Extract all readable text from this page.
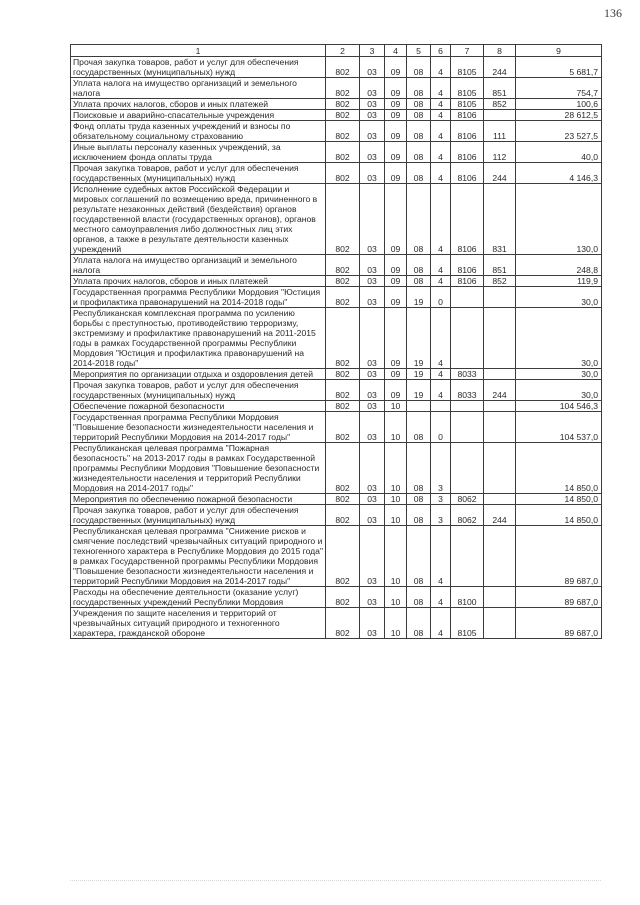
136
1	2	3	4	5	6	7	8	9
Прочая закупка товаров, работ и услуг для обеспечения государственных (муниципальных) нужд	802	03	09	08	4	8105	244	5 681,7
Уплата налога на имущество организаций и земельного налога	802	03	09	08	4	8105	851	754,7
Уплата прочих налогов, сборов и иных платежей	802	03	09	08	4	8105	852	100,6
Поисковые и аварийно-спасательные учреждения	802	03	09	08	4	8106		28 612,5
Фонд оплаты труда казенных учреждений и взносы по обязательному социальному страхованию	802	03	09	08	4	8106	111	23 527,5
Иные выплаты персоналу казенных учреждений, за исключением фонда оплаты труда	802	03	09	08	4	8106	112	40,0
Прочая закупка товаров, работ и услуг для обеспечения государственных (муниципальных) нужд	802	03	09	08	4	8106	244	4 146,3
Исполнение судебных актов Российской Федерации и мировых соглашений по возмещению вреда, причиненного в результате незаконных действий (бездействия) органов государственной власти (государственных органов), органов местного самоуправления либо должностных лиц этих органов, а также в результате деятельности казенных учреждений	802	03	09	08	4	8106	831	130,0
Уплата налога на имущество организаций и земельного налога	802	03	09	08	4	8106	851	248,8
Уплата прочих налогов, сборов и иных платежей	802	03	09	08	4	8106	852	119,9
Государственная программа Республики Мордовия "Юстиция и профилактика правонарушений на 2014-2018 годы"	802	03	09	19	0			30,0
Республиканская комплексная программа по усилению борьбы с преступностью, противодействию терроризму, экстремизму и профилактике правонарушений на 2011-2015 годы в рамках Государственной программы Республики Мордовия "Юстиция и профилактика правонарушений на 2014-2018 годы"	802	03	09	19	4			30,0
Мероприятия по организации отдыха и оздоровления детей	802	03	09	19	4	8033		30,0
Прочая закупка товаров, работ и услуг для обеспечения государственных (муниципальных) нужд	802	03	09	19	4	8033	244	30,0
Обеспечение пожарной безопасности	802	03	10					104 546,3
Государственная программа Республики Мордовия "Повышение безопасности жизнедеятельности населения и территорий Республики Мордовия на 2014-2017 годы"	802	03	10	08	0			104 537,0
Республиканская целевая программа "Пожарная безопасность" на 2013-2017 годы в рамках Государственной программы Республики Мордовия "Повышение безопасности жизнедеятельности населения и территорий Республики Мордовия на 2014-2017 годы"	802	03	10	08	3			14 850,0
Мероприятия по обеспечению пожарной безопасности	802	03	10	08	3	8062		14 850,0
Прочая закупка товаров, работ и услуг для обеспечения государственных (муниципальных) нужд	802	03	10	08	3	8062	244	14 850,0
Республиканская целевая программа "Снижение рисков и смягчение последствий чрезвычайных ситуаций природного и техногенного характера в Республике Мордовия до 2015 года" в рамках Государственной программы Республики Мордовия "Повышение безопасности жизнедеятельности населения и территорий Республики Мордовия на 2014-2017 годы"	802	03	10	08	4			89 687,0
Расходы на обеспечение деятельности (оказание услуг) государственных учреждений Республики Мордовия	802	03	10	08	4	8100		89 687,0
Учреждения по защите населения и территорий от чрезвычайных ситуаций природного и техногенного характера, гражданской обороне	802	03	10	08	4	8105		89 687,0
